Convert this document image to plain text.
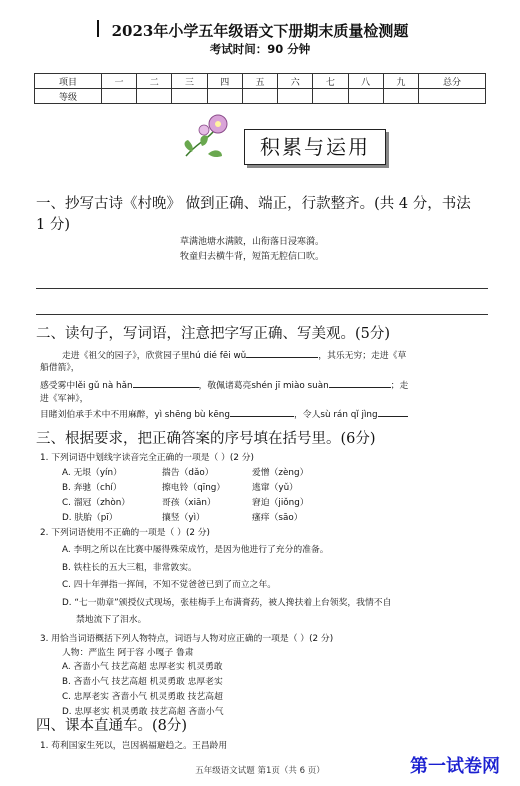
2023年小学五年级语文下册期末质量检测题
考试时间：90 分钟
项目	一	二	三	四	五	六	七	八	九	总分
等级										
积累与运用
一、抄写古诗《村晚》 做到正确、端正，行款整齐。(共 4 分，书法
1 分)
草满池塘水满陂，山衔落日浸寒漪。
牧童归去横牛背，短笛无腔信口吹。
二、读句子，写词语，注意把字写正确、写美观。(5分)
走进《祖父的园子》，欣赏园子里hú dié fēi wǔ	，其乐无穷；走进《草
船借箭》，
感受雾中lěi gǔ nà hǎn	，敬佩诸葛亮shén jī miào suàn	；走
进《军神》，
目睹刘伯承手术中不用麻醉，yì shēng bù kēng	，令人sù rán qǐ jìng
三、根据要求，把正确答案的序号填在括号里。(6分)
1. 下列词语中划线字读音完全正确的一项是（ ）(2 分)
A. 无垠（yín）	揣告（dǎo）	爱憎（zèng）
B. 奔驰（chí）	擦电铃（qīng）	逃窜（yǔ）
C. 溜冠（zhòn）	哥孩（xiān）	窘迫（jiǒng）
D. 肤胎（pī）	攘竖（yì）	瘙痒（sāo）
2. 下列词语使用不正确的一项是（ ）(2 分)
A. 李明之所以在比赛中屡得殊荣成竹，是因为他进行了充分的准备。
B. 铁柱长的五大三粗，非常敦实。
C. 四十年弹指一挥间，不知不觉爸爸已到了而立之年。
D. “七一勋章”颁授仪式现场，张桂梅手上布满膏药，被人搀扶着上台领奖，我情不自
禁地流下了泪水。
3. 用恰当词语概括下列人物特点，词语与人物对应正确的一项是（ ）(2 分)
人物：严监生 阿于容 小嘎子 鲁肃
A. 吝啬小气 技艺高超 忠厚老实 机灵勇敢
B. 吝啬小气 技艺高超 机灵勇敢 忠厚老实
C. 忠厚老实 吝啬小气 机灵勇敢 技艺高超
D. 忠厚老实 机灵勇敢 技艺高超 吝啬小气
四、课本直通车。(8分)
1. 苟利国家生死以，岂因祸福避趋之。王昌龄用
五年级语文试题 第1页（共 6 页）	第一试卷网
